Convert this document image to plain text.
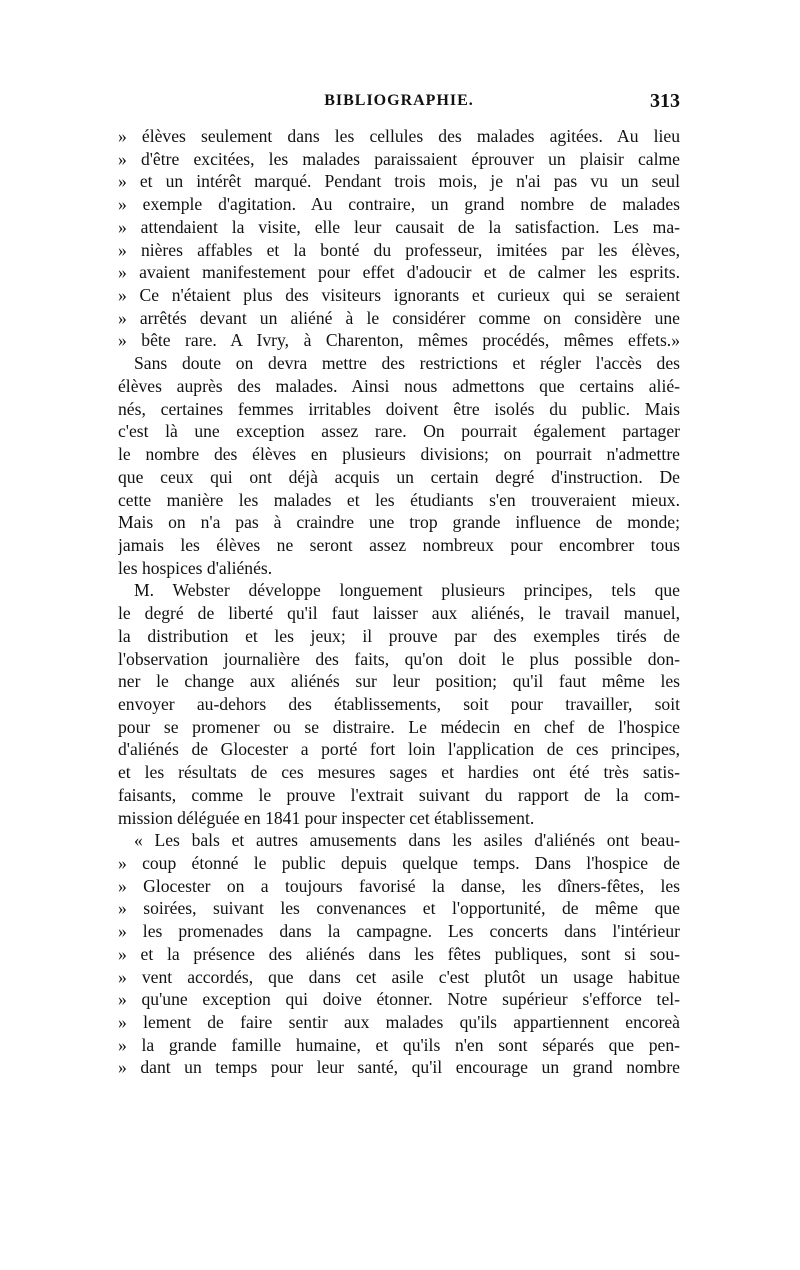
BIBLIOGRAPHIE.	313
» élèves seulement dans les cellules des malades agitées. Au lieu
» d'être excitées, les malades paraissaient éprouver un plaisir calme
» et un intérêt marqué. Pendant trois mois, je n'ai pas vu un seul
» exemple d'agitation. Au contraire, un grand nombre de malades
» attendaient la visite, elle leur causait de la satisfaction. Les ma-
» nières affables et la bonté du professeur, imitées par les élèves,
» avaient manifestement pour effet d'adoucir et de calmer les esprits.
» Ce n'étaient plus des visiteurs ignorants et curieux qui se seraient
» arrêtés devant un aliéné à le considérer comme on considère une
» bête rare. A Ivry, à Charenton, mêmes procédés, mêmes effets.»
Sans doute on devra mettre des restrictions et régler l'accès des
élèves auprès des malades. Ainsi nous admettons que certains alié-
nés, certaines femmes irritables doivent être isolés du public. Mais
c'est là une exception assez rare. On pourrait également partager
le nombre des élèves en plusieurs divisions; on pourrait n'admettre
que ceux qui ont déjà acquis un certain degré d'instruction. De
cette manière les malades et les étudiants s'en trouveraient mieux.
Mais on n'a pas à craindre une trop grande influence de monde;
jamais les élèves ne seront assez nombreux pour encombrer tous
les hospices d'aliénés.
M. Webster développe longuement plusieurs principes, tels que
le degré de liberté qu'il faut laisser aux aliénés, le travail manuel,
la distribution et les jeux; il prouve par des exemples tirés de
l'observation journalière des faits, qu'on doit le plus possible don-
ner le change aux aliénés sur leur position; qu'il faut même les
envoyer au-dehors des établissements, soit pour travailler, soit
pour se promener ou se distraire. Le médecin en chef de l'hospice
d'aliénés de Glocester a porté fort loin l'application de ces principes,
et les résultats de ces mesures sages et hardies ont été très satis-
faisants, comme le prouve l'extrait suivant du rapport de la com-
mission déléguée en 1841 pour inspecter cet établissement.
« Les bals et autres amusements dans les asiles d'aliénés ont beau-
» coup étonné le public depuis quelque temps. Dans l'hospice de
» Glocester on a toujours favorisé la danse, les dîners-fêtes, les
» soirées, suivant les convenances et l'opportunité, de même que
» les promenades dans la campagne. Les concerts dans l'intérieur
» et la présence des aliénés dans les fêtes publiques, sont si sou-
» vent accordés, que dans cet asile c'est plutôt un usage habitue
» qu'une exception qui doive étonner. Notre supérieur s'efforce tel-
» lement de faire sentir aux malades qu'ils appartiennent encoreà
» la grande famille humaine, et qu'ils n'en sont séparés que pen-
» dant un temps pour leur santé, qu'il encourage un grand nombre
